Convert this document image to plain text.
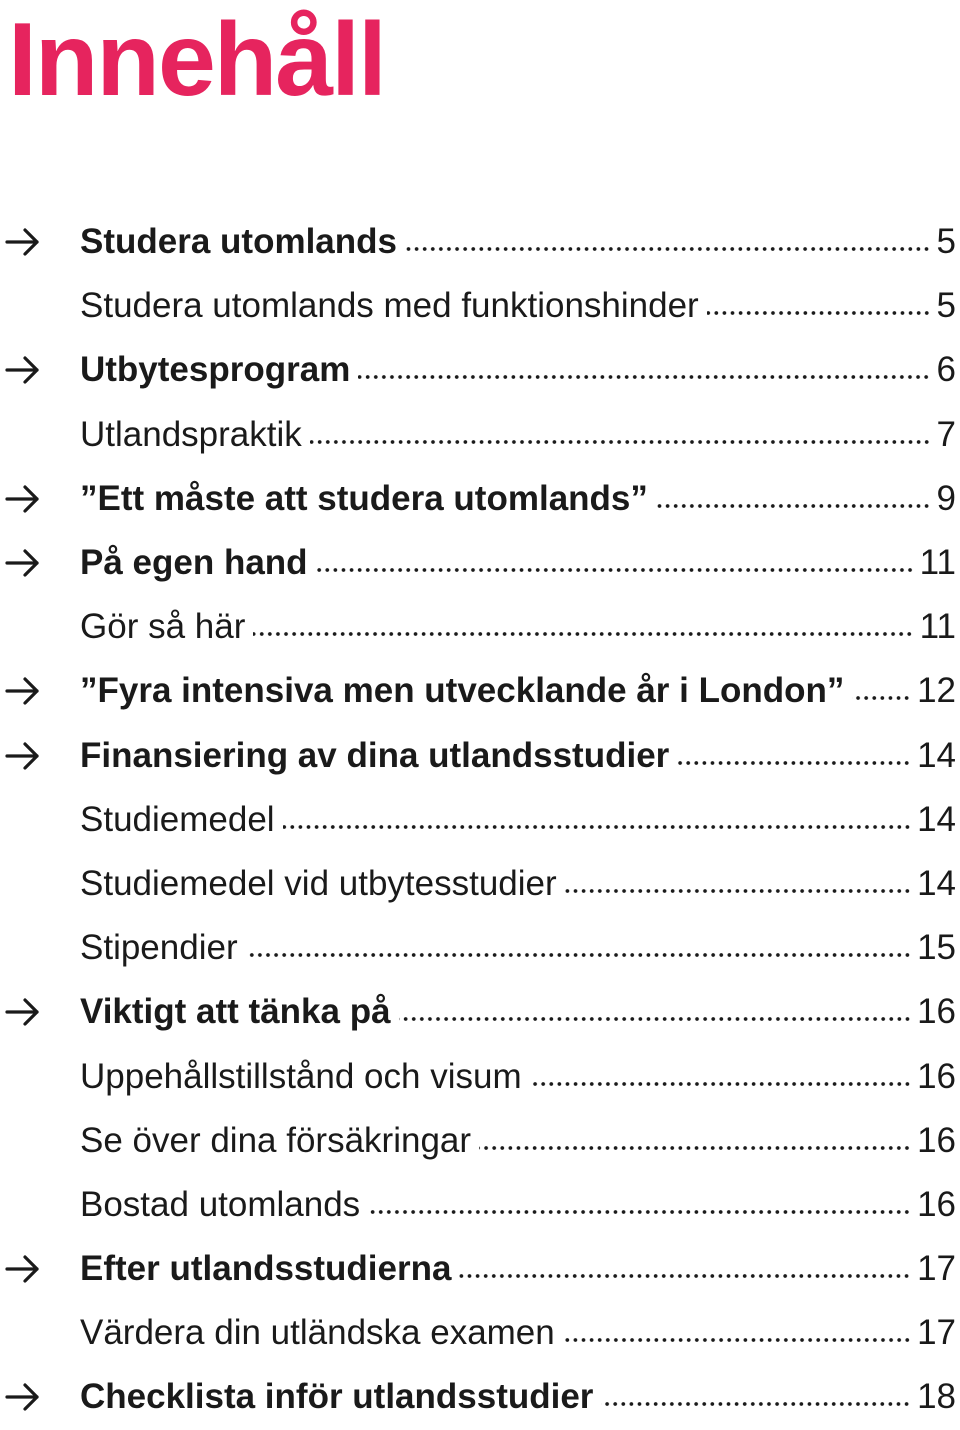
Innehåll
Studera utomlands	5
Studera utomlands med funktionshinder	5
Utbytesprogram	6
Utlandspraktik	7
”Ett måste att studera utomlands”	9
På egen hand	11
Gör så här	11
”Fyra intensiva men utvecklande år i London” 12
Finansiering av dina utlandsstudier	14
Studiemedel	14
Studiemedel vid utbytesstudier	14
Stipendier	15
Viktigt att tänka på	16
Uppehållstillstånd och visum	16
Se över dina försäkringar	16
Bostad utomlands	16
Efter utlandsstudierna	17
Värdera din utländska examen	17
Checklista inför utlandsstudier	18
